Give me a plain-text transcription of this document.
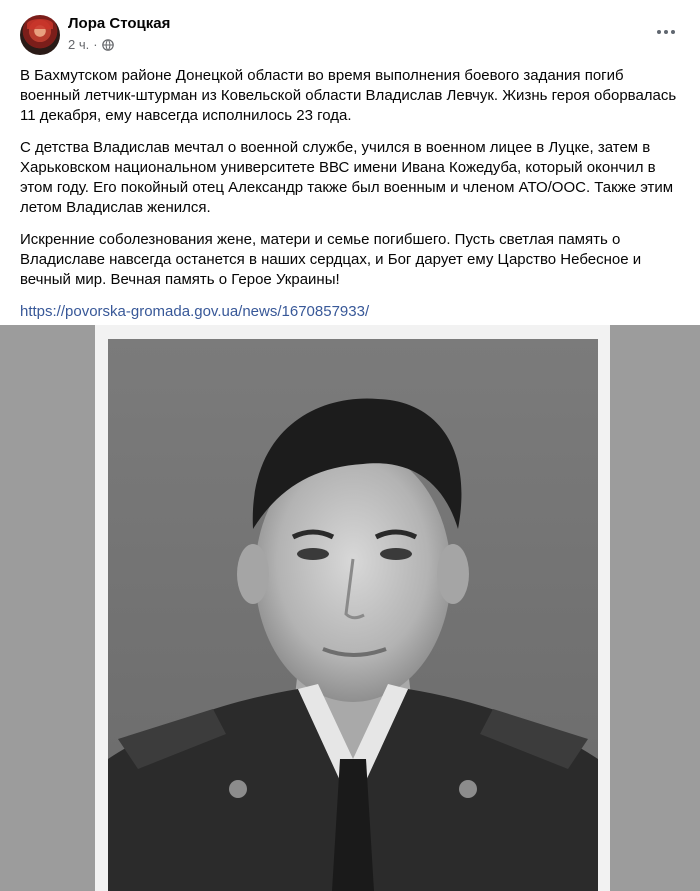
Лора Стоцкая
2 ч. ·

В Бахмутском районе Донецкой области во время выполнения боевого задания погиб военный летчик-штурман из Ковельской области Владислав Левчук. Жизнь героя оборвалась 11 декабря, ему навсегда исполнилось 23 года.

С детства Владислав мечтал о военной службе, учился в военном лицее в Луцке, затем в Харьковском национальном университете ВВС имени Ивана Кожедуба, который окончил в этом году. Его покойный отец Александр также был военным и членом АТО/ООС. Также этим летом Владислав женился.

Искренние соболезнования жене, матери и семье погибшего. Пусть светлая память о Владиславе навсегда останется в наших сердцах, и Бог дарует ему Царство Небесное и вечный мир. Вечная память о Герое Украины!

https://povorska-gromada.gov.ua/news/1670857933/
